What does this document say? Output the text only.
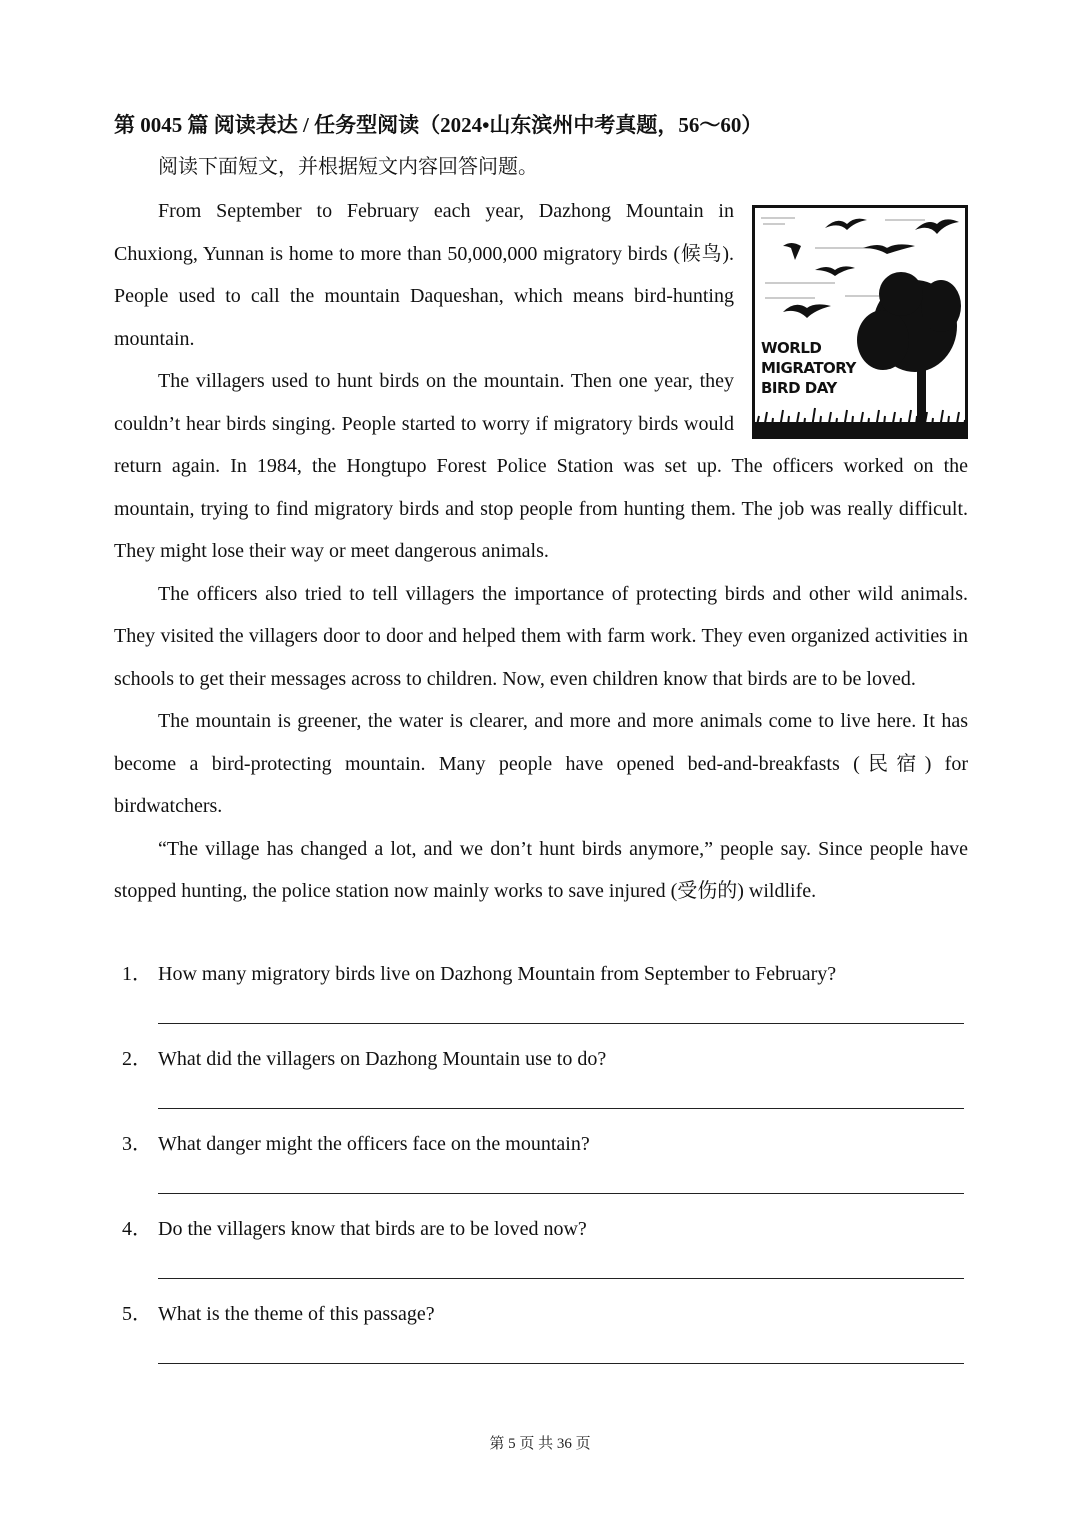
第 0045 篇 阅读表达 / 任务型阅读（2024•山东滨州中考真题，56～60）
阅读下面短文，并根据短文内容回答问题。
WORLD
MIGRATORY
BIRD DAY

From September to February each year, Dazhong Mountain in Chuxiong, Yunnan is home to more than 50,000,000 migratory birds (候鸟). People used to call the mountain Daqueshan, which means bird-hunting mountain.

The villagers used to hunt birds on the mountain. Then one year, they couldn’t hear birds singing. People started to worry if migratory birds would return again. In 1984, the Hongtupo Forest Police Station was set up. The officers worked on the mountain, trying to find migratory birds and stop people from hunting them. The job was really difficult. They might lose their way or meet dangerous animals.

The officers also tried to tell villagers the importance of protecting birds and other wild animals. They visited the villagers door to door and helped them with farm work. They even organized activities in schools to get their messages across to children. Now, even children know that birds are to be loved.

The mountain is greener, the water is clearer, and more and more animals come to live here. It has become a bird-protecting mountain. Many people have opened bed-and-breakfasts (民宿) for birdwatchers.

“The village has changed a lot, and we don’t hunt birds anymore,” people say. Since people have stopped hunting, the police station now mainly works to save injured (受伤的) wildlife.

1． How many migratory birds live on Dazhong Mountain from September to February?
2． What did the villagers on Dazhong Mountain use to do?
3． What danger might the officers face on the mountain?
4． Do the villagers know that birds are to be loved now?
5． What is the theme of this passage?
第 5 页 共 36 页
